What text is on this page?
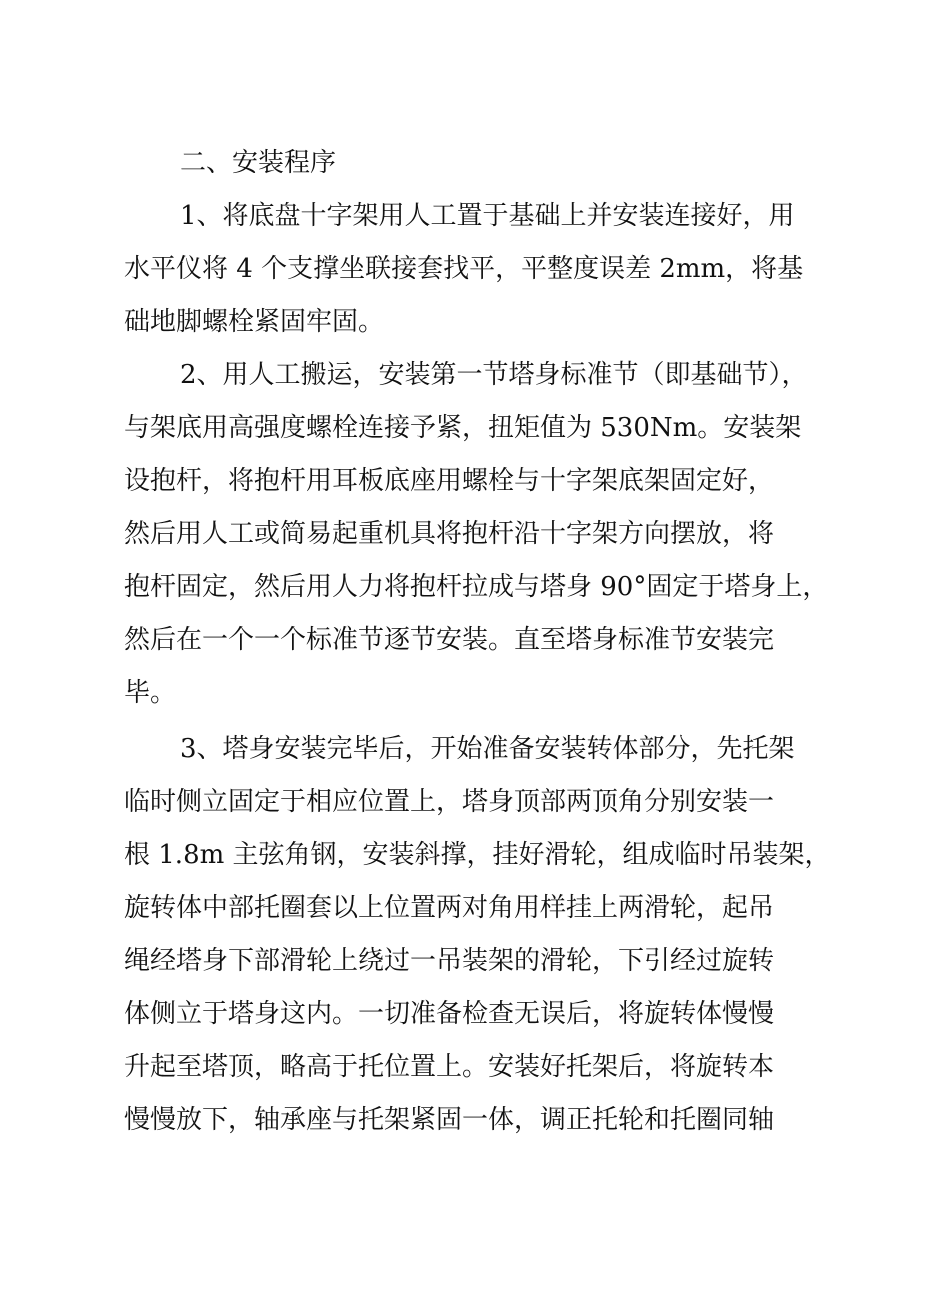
二、安装程序
1、将底盘十字架用人工置于基础上并安装连接好，用
水平仪将 4 个支撑坐联接套找平，平整度误差 2mm，将基
础地脚螺栓紧固牢固。
2、用人工搬运，安装第一节塔身标准节（即基础节），
与架底用高强度螺栓连接予紧，扭矩值为 530Nm。安装架
设抱杆，将抱杆用耳板底座用螺栓与十字架底架固定好，
然后用人工或简易起重机具将抱杆沿十字架方向摆放，将
抱杆固定，然后用人力将抱杆拉成与塔身 90°固定于塔身上，
然后在一个一个标准节逐节安装。直至塔身标准节安装完
毕。
3、塔身安装完毕后，开始准备安装转体部分，先托架
临时侧立固定于相应位置上，塔身顶部两顶角分别安装一
根 1.8m 主弦角钢，安装斜撑，挂好滑轮，组成临时吊装架，
旋转体中部托圈套以上位置两对角用样挂上两滑轮，起吊
绳经塔身下部滑轮上绕过一吊装架的滑轮，下引经过旋转
体侧立于塔身这内。一切准备检查无误后，将旋转体慢慢
升起至塔顶，略高于托位置上。安装好托架后，将旋转本
慢慢放下，轴承座与托架紧固一体，调正托轮和托圈同轴
